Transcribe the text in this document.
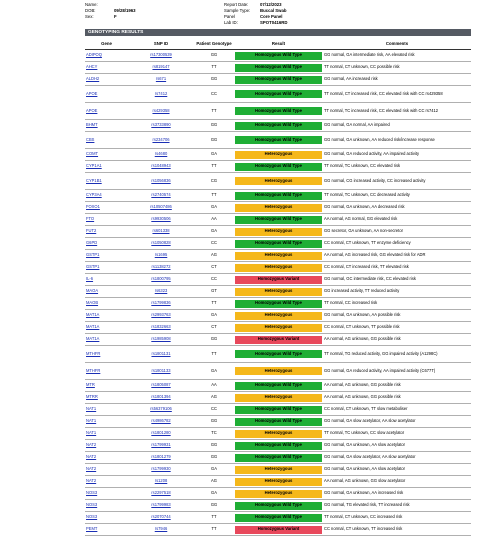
Name:
DOB:	09/28/1963
Sex:	F
Report Date:	07/12/2023
Sample Type:	Buccal Swab
Panel	Core Panel
Lab ID:	SPOT0416RD
GENOTYPING RESULTS
Gene	SNP ID	Patient Genotype	Result	Comments
ADIPOQ	rs17300539	GG	Homozygous Wild Type	GG normal, GA intermediate risk, AA elevated risk
AHCY	rs819147	TT	Homozygous Wild Type	TT normal, CT unknown, CC possible risk
ALDH2	rs671	GG	Homozygous Wild Type	GG normal, AA increased risk
APOE	rs7412	CC	Homozygous Wild Type	TT normal, CT increased risk, CC elevated risk with CC rs429358
APOE	rs429358	TT	Homozygous Wild Type	TT normal, TC increased risk, CC elevated risk with CC rs7412
BHMT	rs3733890	GG	Homozygous Wild Type	GG normal, GA normal, AA impaired
CBS	rs234706	GG	Homozygous Wild Type	GG normal, GA unknown, AA reduced risk/increase response
COMT	rs4680	GA	Heterozygous	GG normal, GA reduced activity, AA impaired activity
CYP1A1	rs1048943	TT	Homozygous Wild Type	TT normal, TC unknown, CC elevated risk
CYP1B1	rs1056836	CG	Heterozygous	GG normal, CG increased activity, CC increased activity
CYP3A4	rs2740574	TT	Homozygous Wild Type	TT normal, TC unknown, CC decreased activity
FOXO1	rs10507486	GA	Heterozygous	GG normal, GA unknown, AA decreased risk
FTO	rs9930506	AA	Homozygous Wild Type	AA normal, AG normal, GG elevated risk
FUT2	rs601338	GA	Heterozygous	GG secretor, GA unknown, AA non-secretor
G6PD	rs1050828	CC	Homozygous Wild Type	CC normal, CT unknown, TT enzyme deficiency
GSTP1	rs1695	AG	Heterozygous	AA normal, AG increased risk, GG elevated risk for ADR
GSTP1	rs1138272	CT	Heterozygous	CC normal, CT increased risk, TT elevated risk
IL-6	rs1800795	CC	Homozygous Variant	GG normal, GC intermediate risk, CC elevated risk
MAOA	rs6323	GT	Heterozygous	GG increased activity, TT reduced activity
MAOB	rs1799836	TT	Homozygous Wild Type	TT normal, CC increased risk
MAT1A	rs2993763	GA	Heterozygous	GG normal, GA unknown, AA possible risk
MAT1A	rs1832663	CT	Heterozygous	CC normal, CT unknown, TT possible risk
MAT1A	rs1985908	GG	Homozygous Variant	AA normal, AG unknown, GG possible risk
MTHFR	rs1801131	TT	Homozygous Wild Type	TT normal, TG reduced activity, GG impaired activity (A1298C)
MTHFR	rs1801133	GA	Heterozygous	GG normal, GA reduced activity, AA impaired activity (C677T)
MTR	rs1805087	AA	Homozygous Wild Type	AA normal, AG unknown, GG possible risk
MTRR	rs1801394	AG	Heterozygous	AA normal, AG unknown, GG possible risk
NAT1	rs56379106	CC	Homozygous Wild Type	CC normal, CT unknown, TT slow metaboliser
NAT1	rs4986782	GG	Homozygous Wild Type	GG normal, GA slow acetylator, AA slow acetylator
NAT1	rs1801280	TC	Heterozygous	TT normal, TC unknown, CC slow acetylator
NAT2	rs1799931	GG	Homozygous Wild Type	GG normal, GA unknown, AA slow acetylator
NAT2	rs1801279	GG	Homozygous Wild Type	GG normal, GA slow acetylator, AA slow acetylator
NAT2	rs1799930	GA	Heterozygous	GG normal, GA unknown, AA slow acetylator
NAT2	rs1208	AG	Heterozygous	AA normal, AG unknown, GG slow acetylator
NOS3	rs2297518	GA	Heterozygous	GG normal, GA unknown, AA increased risk
NOS3	rs1799983	GG	Homozygous Wild Type	GG normal, TG elevated risk, TT increased risk
NOS3	rs2070744	TT	Homozygous Wild Type	TT normal, CT unknown, CC increased risk
PEMT	rs7946	TT	Homozygous Variant	CC normal, CT unknown, TT increased risk
